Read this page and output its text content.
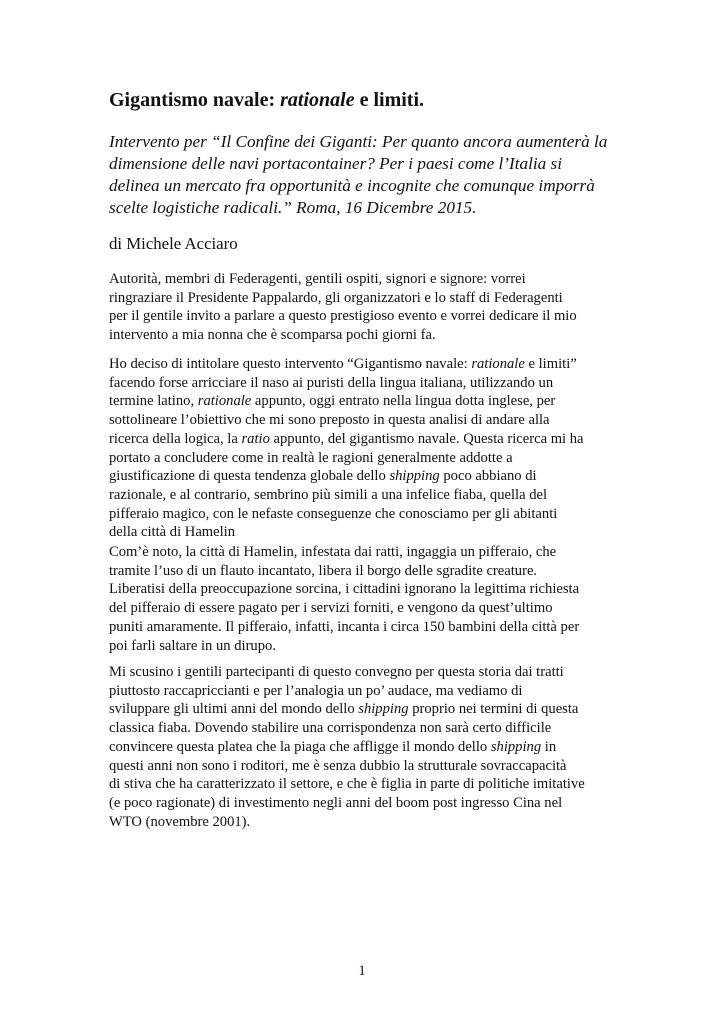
Gigantismo navale: rationale e limiti.

Intervento per “Il Confine dei Giganti: Per quanto ancora aumenterà la
dimensione delle navi portacontainer? Per i paesi come l’Italia si
delinea un mercato fra opportunità e incognite che comunque imporrà
scelte logistiche radicali.” Roma, 16 Dicembre 2015.

di Michele Acciaro

Autorità, membri di Federagenti, gentili ospiti, signori e signore: vorrei
ringraziare il Presidente Pappalardo, gli organizzatori e lo staff di Federagenti
per il gentile invito a parlare a questo prestigioso evento e vorrei dedicare il mio
intervento a mia nonna che è scomparsa pochi giorni fa.

Ho deciso di intitolare questo intervento “Gigantismo navale: rationale e limiti”
facendo forse arricciare il naso ai puristi della lingua italiana, utilizzando un
termine latino, rationale appunto, oggi entrato nella lingua dotta inglese, per
sottolineare l’obiettivo che mi sono preposto in questa analisi di andare alla
ricerca della logica, la ratio appunto, del gigantismo navale. Questa ricerca mi ha
portato a concludere come in realtà le ragioni generalmente addotte a
giustificazione di questa tendenza globale dello shipping poco abbiano di
razionale, e al contrario, sembrino più simili a una infelice fiaba, quella del
pifferaio magico, con le nefaste conseguenze che conosciamo per gli abitanti
della città di Hamelin

Com’è noto, la città di Hamelin, infestata dai ratti, ingaggia un pifferaio, che
tramite l’uso di un flauto incantato, libera il borgo delle sgradite creature.
Liberatisi della preoccupazione sorcina, i cittadini ignorano la legittima richiesta
del pifferaio di essere pagato per i servizi forniti, e vengono da quest’ultimo
puniti amaramente. Il pifferaio, infatti, incanta i circa 150 bambini della città per
poi farli saltare in un dirupo.

Mi scusino i gentili partecipanti di questo convegno per questa storia dai tratti
piuttosto raccapriccianti e per l’analogia un po’ audace, ma vediamo di
sviluppare gli ultimi anni del mondo dello shipping proprio nei termini di questa
classica fiaba. Dovendo stabilire una corrispondenza non sarà certo difficile
convincere questa platea che la piaga che affligge il mondo dello shipping in
questi anni non sono i roditori, me è senza dubbio la strutturale sovraccapacità
di stiva che ha caratterizzato il settore, e che è figlia in parte di politiche imitative
(e poco ragionate) di investimento negli anni del boom post ingresso Cina nel
WTO (novembre 2001).

1
